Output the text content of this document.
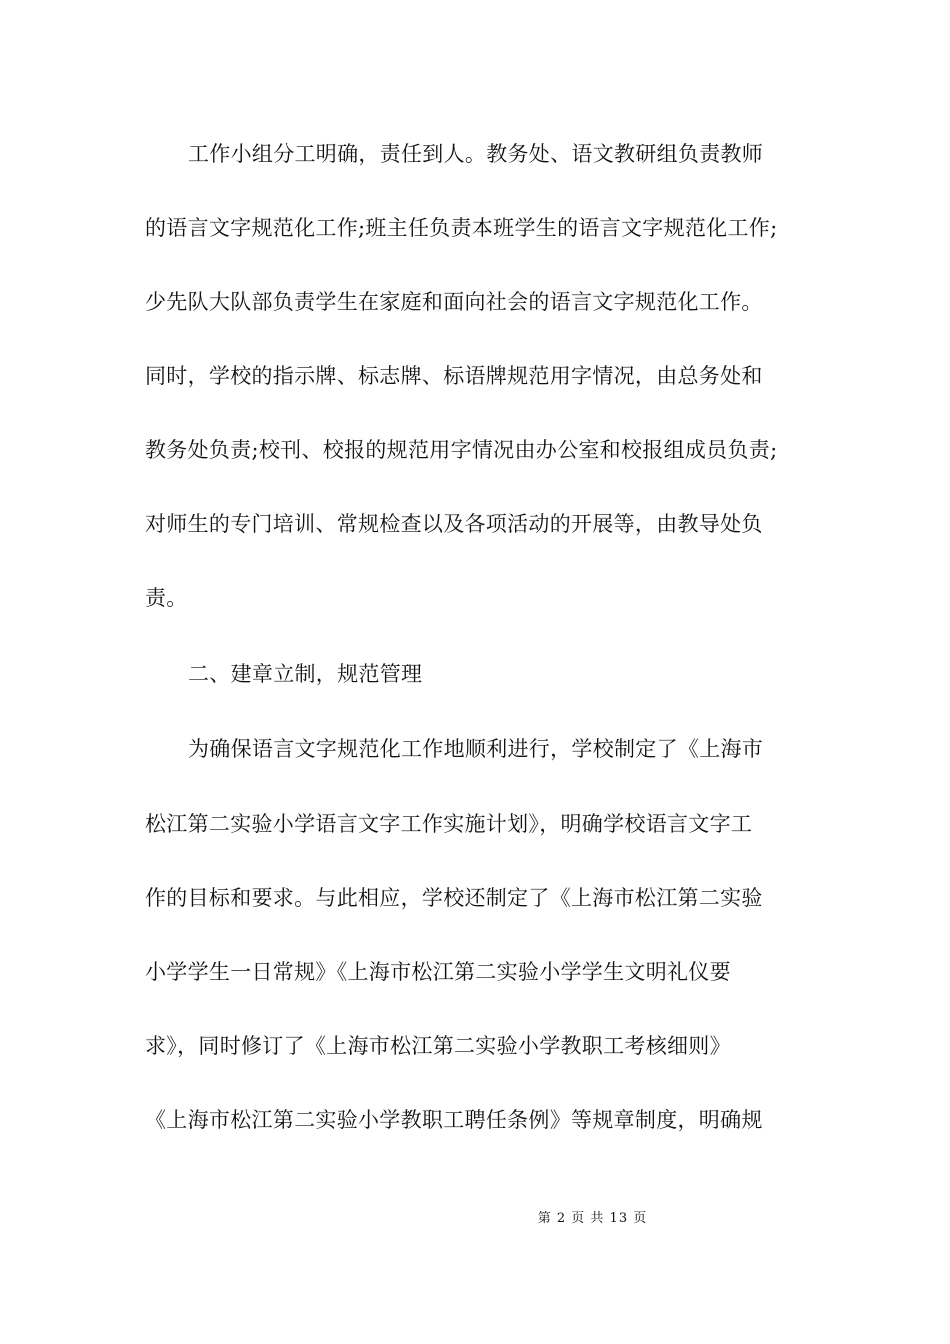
工作小组分工明确，责任到人。教务处、语文教研组负责教师
的语言文字规范化工作;班主任负责本班学生的语言文字规范化工作;
少先队大队部负责学生在家庭和面向社会的语言文字规范化工作。
同时，学校的指示牌、标志牌、标语牌规范用字情况，由总务处和
教务处负责;校刊、校报的规范用字情况由办公室和校报组成员负责;
对师生的专门培训、常规检查以及各项活动的开展等，由教导处负
责。
二、建章立制，规范管理
为确保语言文字规范化工作地顺利进行，学校制定了《上海市
松江第二实验小学语言文字工作实施计划》，明确学校语言文字工
作的目标和要求。与此相应，学校还制定了《上海市松江第二实验
小学学生一日常规》《上海市松江第二实验小学学生文明礼仪要
求》，同时修订了《上海市松江第二实验小学教职工考核细则》
《上海市松江第二实验小学教职工聘任条例》等规章制度，明确规
第 2 页 共 13 页
